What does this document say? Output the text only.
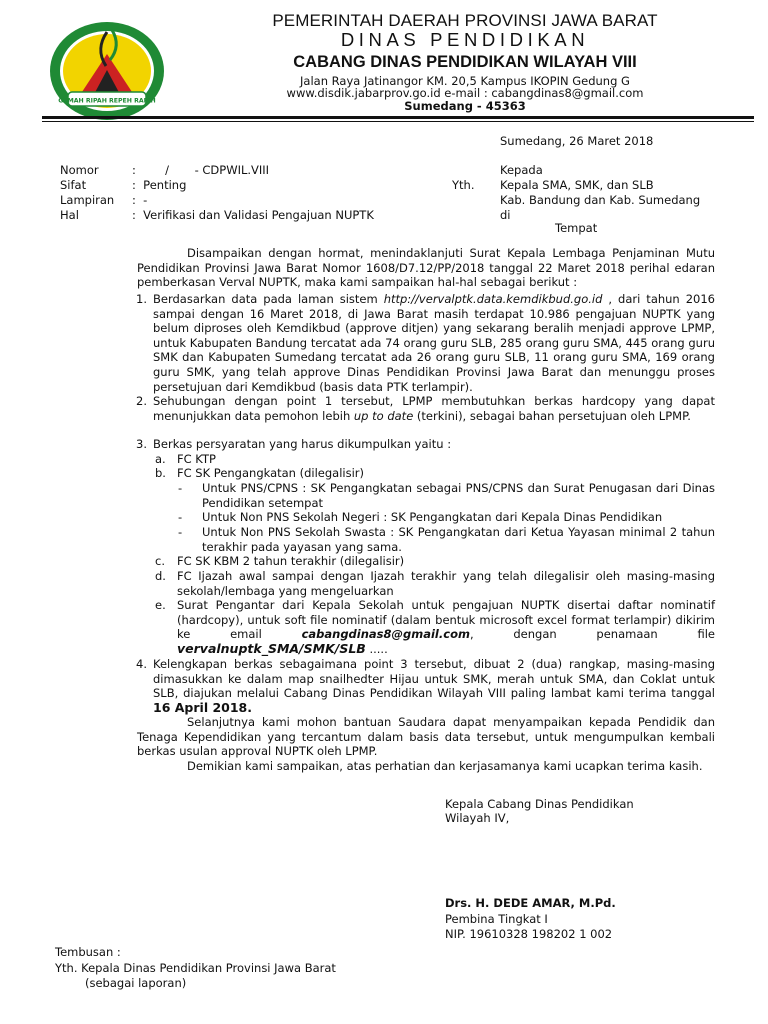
GEMAH RIPAH REPEH RAPIH
PEMERINTAH DAERAH PROVINSI JAWA BARAT
DINAS PENDIDIKAN
CABANG DINAS PENDIDIKAN WILAYAH VIII
Jalan Raya Jatinangor KM. 20,5 Kampus IKOPIN Gedung G
www.disdik.jabarprov.go.id e-mail : cabangdinas8@gmail.com
Sumedang - 45363
Sumedang, 26 Maret 2018
Nomor	:        /       - CDPWIL.VIII
Sifat	:  Penting
Lampiran :  -
Hal	:  Verifikasi dan Validasi Pengajuan NUPTK
Kepada
Yth. Kepala SMA, SMK, dan SLB
Kab. Bandung dan Kab. Sumedang
di
Tempat

Disampaikan dengan hormat, menindaklanjuti Surat Kepala Lembaga Penjaminan Mutu Pendidikan Provinsi Jawa Barat Nomor 1608/D7.12/PP/2018 tanggal 22 Maret 2018 perihal edaran pemberkasan Verval NUPTK, maka kami sampaikan hal-hal sebagai berikut :

1. Berdasarkan data pada laman sistem http://vervalptk.data.kemdikbud.go.id , dari tahun 2016 sampai dengan 16 Maret 2018, di Jawa Barat masih terdapat 10.986 pengajuan NUPTK yang belum diproses oleh Kemdikbud (approve ditjen) yang sekarang beralih menjadi approve LPMP, untuk Kabupaten Bandung tercatat ada 74 orang guru SLB, 285 orang guru SMA, 445 orang guru SMK dan Kabupaten Sumedang tercatat ada 26 orang guru SLB, 11 orang guru SMA, 169 orang guru SMK, yang telah approve Dinas Pendidikan Provinsi Jawa Barat dan menunggu proses persetujuan dari Kemdikbud (basis data PTK terlampir).
2. Sehubungan dengan point 1 tersebut, LPMP membutuhkan berkas hardcopy yang dapat menunjukkan data pemohon lebih up to date (terkini), sebagai bahan persetujuan oleh LPMP.
3. Berkas persyaratan yang harus dikumpulkan yaitu :
a. FC KTP
b. FC SK Pengangkatan (dilegalisir)
-	Untuk PNS/CPNS : SK Pengangkatan sebagai PNS/CPNS dan Surat Penugasan dari Dinas Pendidikan setempat
-	Untuk Non PNS Sekolah Negeri : SK Pengangkatan dari Kepala Dinas Pendidikan
-	Untuk Non PNS Sekolah Swasta : SK Pengangkatan dari Ketua Yayasan minimal 2 tahun terakhir pada yayasan yang sama.
c.	FC SK KBM 2 tahun terakhir (dilegalisir)
d. FC Ijazah awal sampai dengan Ijazah terakhir yang telah dilegalisir oleh masing-masing sekolah/lembaga yang mengeluarkan
e. Surat Pengantar dari Kepala Sekolah untuk pengajuan NUPTK disertai daftar nominatif (hardcopy), untuk soft file nominatif (dalam bentuk microsoft excel format terlampir) dikirim ke email cabangdinas8@gmail.com, dengan penamaan file vervalnuptk_SMA/SMK/SLB .....
4. Kelengkapan berkas sebagaimana point 3 tersebut, dibuat 2 (dua) rangkap, masing-masing dimasukkan ke dalam map snailhedter Hijau untuk SMK, merah untuk SMA, dan Coklat untuk SLB, diajukan melalui Cabang Dinas Pendidikan Wilayah VIII paling lambat kami terima tanggal 16 April 2018.

Selanjutnya kami mohon bantuan Saudara dapat menyampaikan kepada Pendidik dan Tenaga Kependidikan yang tercantum dalam basis data tersebut, untuk mengumpulkan kembali berkas usulan approval NUPTK oleh LPMP.

Demikian kami sampaikan, atas perhatian dan kerjasamanya kami ucapkan terima kasih.

Kepala Cabang Dinas Pendidikan
Wilayah IV,
Drs. H. DEDE AMAR, M.Pd.
Pembina Tingkat I
NIP. 19610328 198202 1 002
Tembusan :
Yth. Kepala Dinas Pendidikan Provinsi Jawa Barat
(sebagai laporan)
